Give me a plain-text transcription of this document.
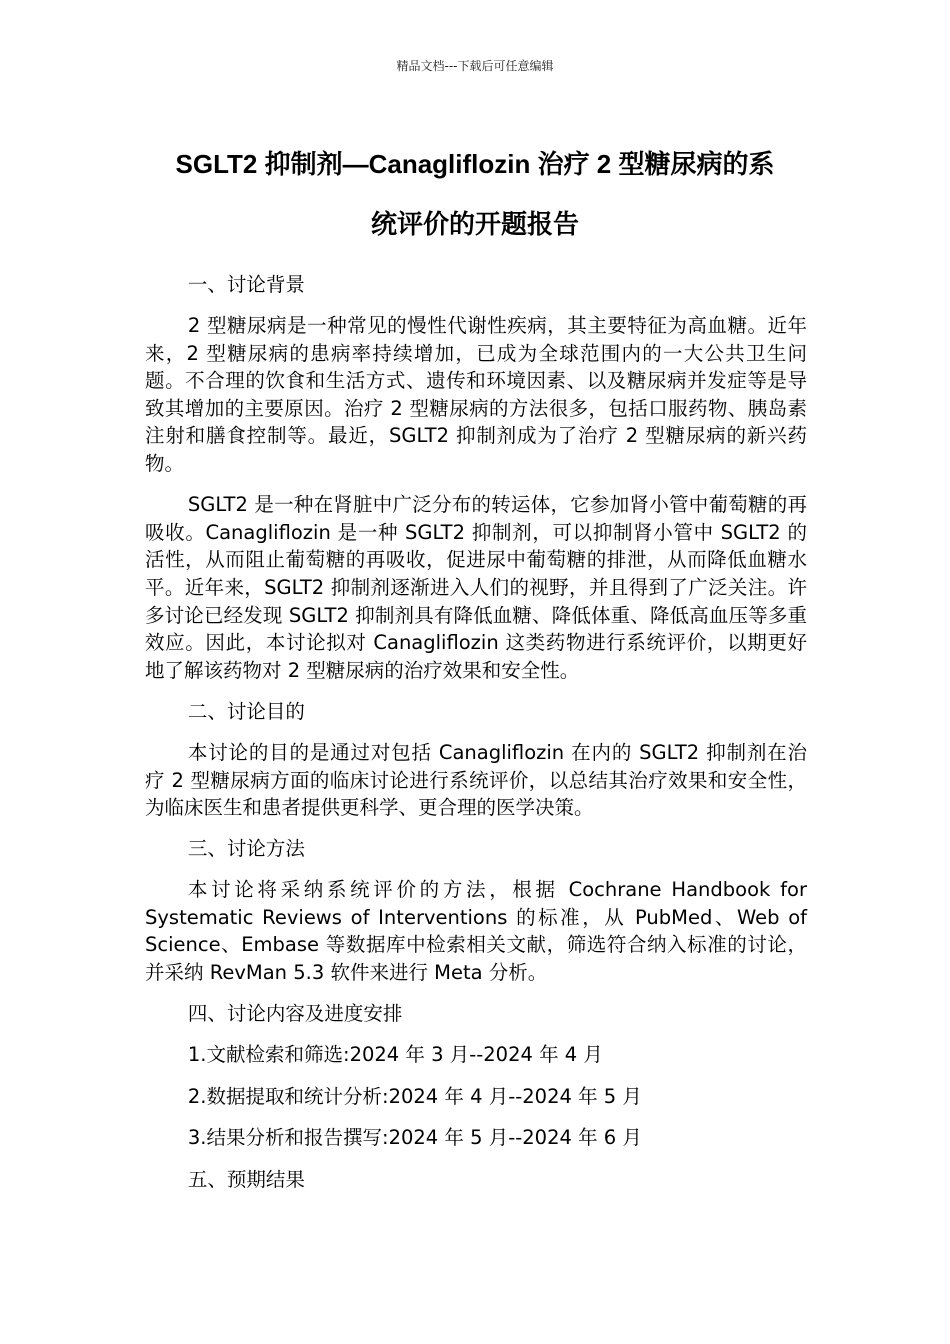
精品文档---下载后可任意编辑
SGLT2 抑制剂—Canagliflozin 治疗 2 型糖尿病的系
统评价的开题报告

一、讨论背景

2 型糖尿病是一种常见的慢性代谢性疾病，其主要特征为高血糖。近年来，2 型糖尿病的患病率持续增加，已成为全球范围内的一大公共卫生问题。不合理的饮食和生活方式、遗传和环境因素、以及糖尿病并发症等是导致其增加的主要原因。治疗 2 型糖尿病的方法很多，包括口服药物、胰岛素注射和膳食控制等。最近，SGLT2 抑制剂成为了治疗 2 型糖尿病的新兴药物。

SGLT2 是一种在肾脏中广泛分布的转运体，它参加肾小管中葡萄糖的再吸收。Canagliflozin 是一种 SGLT2 抑制剂，可以抑制肾小管中 SGLT2 的活性，从而阻止葡萄糖的再吸收，促进尿中葡萄糖的排泄，从而降低血糖水平。近年来，SGLT2 抑制剂逐渐进入人们的视野，并且得到了广泛关注。许多讨论已经发现 SGLT2 抑制剂具有降低血糖、降低体重、降低高血压等多重效应。因此，本讨论拟对 Canagliflozin 这类药物进行系统评价，以期更好地了解该药物对 2 型糖尿病的治疗效果和安全性。

二、讨论目的

本讨论的目的是通过对包括 Canagliflozin 在内的 SGLT2 抑制剂在治疗 2 型糖尿病方面的临床讨论进行系统评价，以总结其治疗效果和安全性，为临床医生和患者提供更科学、更合理的医学决策。

三、讨论方法

本讨论将采纳系统评价的方法，根据 Cochrane Handbook for Systematic Reviews of Interventions 的标准，从 PubMed、Web of Science、Embase 等数据库中检索相关文献，筛选符合纳入标准的讨论，并采纳 RevMan 5.3 软件来进行 Meta 分析。

四、讨论内容及进度安排

1.文献检索和筛选:2024 年 3 月--2024 年 4 月

2.数据提取和统计分析:2024 年 4 月--2024 年 5 月

3.结果分析和报告撰写:2024 年 5 月--2024 年 6 月

五、预期结果
